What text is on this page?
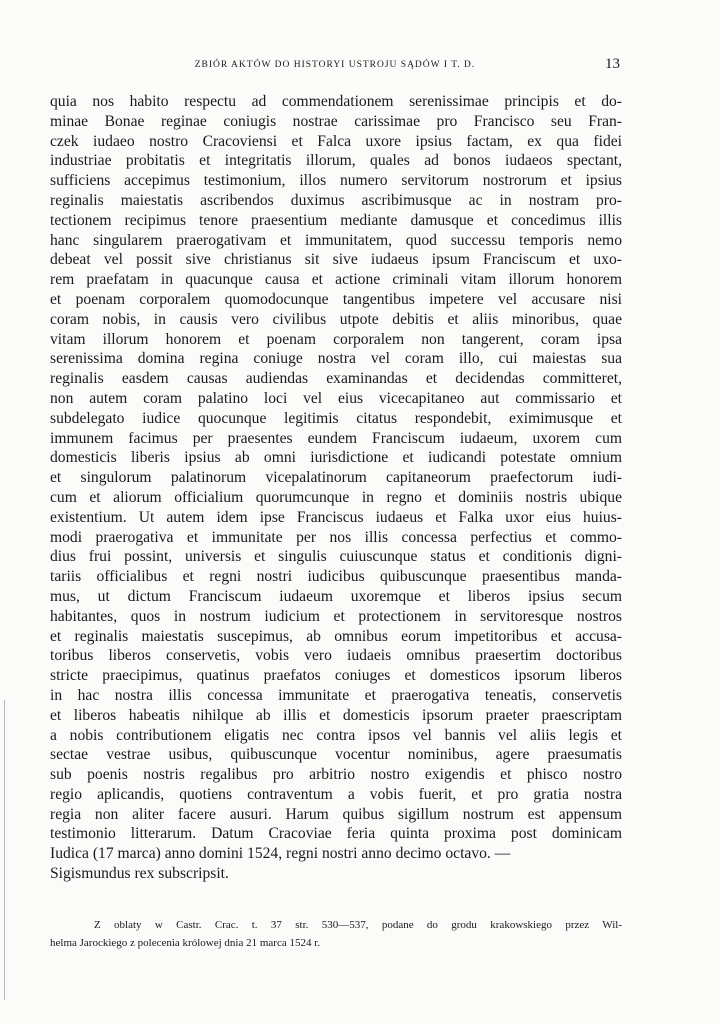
ZBIÓR AKTÓW DO HISTORYI USTROJU SĄDÓW I T. D.	13
quia nos habito respectu ad commendationem serenissimae principis et do-
minae Bonae reginae coniugis nostrae carissimae pro Francisco seu Fran-
czek iudaeo nostro Cracoviensi et Falca uxore ipsius factam, ex qua fidei
industriae probitatis et integritatis illorum, quales ad bonos iudaeos spectant,
sufficiens accepimus testimonium, illos numero servitorum nostrorum et ipsius
reginalis maiestatis ascribendos duximus ascribimusque ac in nostram pro-
tectionem recipimus tenore praesentium mediante damusque et concedimus illis
hanc singularem praerogativam et immunitatem, quod successu temporis nemo
debeat vel possit sive christianus sit sive iudaeus ipsum Franciscum et uxo-
rem praefatam in quacunque causa et actione criminali vitam illorum honorem
et poenam corporalem quomodocunque tangentibus impetere vel accusare nisi
coram nobis, in causis vero civilibus utpote debitis et aliis minoribus, quae
vitam illorum honorem et poenam corporalem non tangerent, coram ipsa
serenissima domina regina coniuge nostra vel coram illo, cui maiestas sua
reginalis easdem causas audiendas examinandas et decidendas committeret,
non autem coram palatino loci vel eius vicecapitaneo aut commissario et
subdelegato iudice quocunque legitimis citatus respondebit, eximimusque et
immunem facimus per praesentes eundem Franciscum iudaeum, uxorem cum
domesticis liberis ipsius ab omni iurisdictione et iudicandi potestate omnium
et singulorum palatinorum vicepalatinorum capitaneorum praefectorum iudi-
cum et aliorum officialium quorumcunque in regno et dominiis nostris ubique
existentium. Ut autem idem ipse Franciscus iudaeus et Falka uxor eius huius-
modi praerogativa et immunitate per nos illis concessa perfectius et commo-
dius frui possint, universis et singulis cuiuscunque status et conditionis digni-
tariis officialibus et regni nostri iudicibus quibuscunque praesentibus manda-
mus, ut dictum Franciscum iudaeum uxoremque et liberos ipsius secum
habitantes, quos in nostrum iudicium et protectionem in servitoresque nostros
et reginalis maiestatis suscepimus, ab omnibus eorum impetitoribus et accusa-
toribus liberos conservetis, vobis vero iudaeis omnibus praesertim doctoribus
stricte praecipimus, quatinus praefatos coniuges et domesticos ipsorum liberos
in hac nostra illis concessa immunitate et praerogativa teneatis, conservetis
et liberos habeatis nihilque ab illis et domesticis ipsorum praeter praescriptam
a nobis contributionem eligatis nec contra ipsos vel bannis vel aliis legis et
sectae vestrae usibus, quibuscunque vocentur nominibus, agere praesumatis
sub poenis nostris regalibus pro arbitrio nostro exigendis et phisco nostro
regio aplicandis, quotiens contraventum a vobis fuerit, et pro gratia nostra
regia non aliter facere ausuri. Harum quibus sigillum nostrum est appensum
testimonio litterarum. Datum Cracoviae feria quinta proxima post dominicam
Iudica (17 marca) anno domini 1524, regni nostri anno decimo octavo. —
Sigismundus rex subscripsit.
Z oblaty w Castr. Crac. t. 37 str. 530—537, podane do grodu krakowskiego przez Wil-
helma Jarockiego z polecenia królowej dnia 21 marca 1524 r.
